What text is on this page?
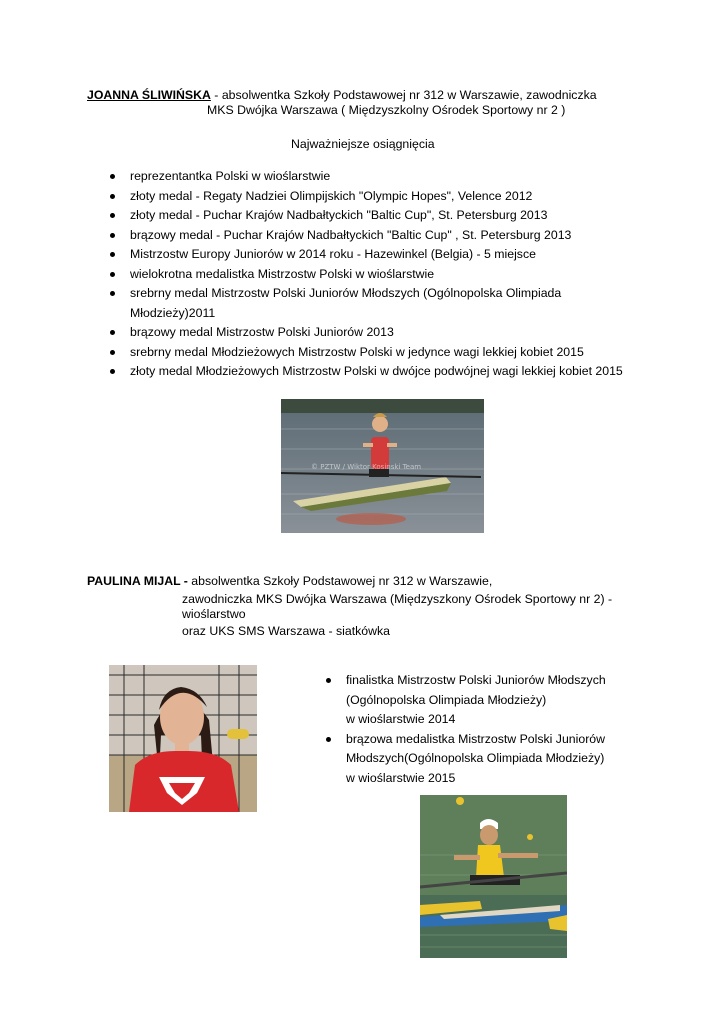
JOANNA ŚLIWIŃSKA - absolwentka Szkoły Podstawowej nr 312 w Warszawie, zawodniczka
MKS Dwójka Warszawa ( Międzyszkolny Ośrodek Sportowy nr 2 )
Najważniejsze osiągnięcia
reprezentantka Polski w wioślarstwie
złoty medal - Regaty Nadziei Olimpijskich "Olympic Hopes", Velence 2012
złoty medal - Puchar Krajów Nadbałtyckich "Baltic Cup", St. Petersburg 2013
brązowy medal - Puchar Krajów Nadbałtyckich "Baltic Cup" , St. Petersburg 2013
Mistrzostw Europy Juniorów w 2014 roku - Hazewinkel (Belgia) - 5 miejsce
wielokrotna medalistka Mistrzostw Polski w wioślarstwie
srebrny medal Mistrzostw Polski Juniorów Młodszych (Ogólnopolska Olimpiada
Młodzieży)2011
brązowy medal Mistrzostw Polski Juniorów 2013
srebrny medal Młodzieżowych Mistrzostw Polski w jedynce wagi lekkiej kobiet 2015
złoty medal Młodzieżowych Mistrzostw Polski w dwójce podwójnej wagi lekkiej kobiet 2015
© PZTW / Wiktor Kosinski Team
PAULINA MIJAL - absolwentka Szkoły Podstawowej nr 312 w Warszawie,
zawodniczka MKS Dwójka Warszawa (Międzyszkony Ośrodek Sportowy nr 2) -
wioślarstwo
oraz UKS SMS Warszawa - siatkówka
finalistka Mistrzostw Polski Juniorów Młodszych
(Ogólnopolska Olimpiada Młodzieży)
w wioślarstwie 2014
brązowa medalistka Mistrzostw Polski Juniorów
Młodszych(Ogólnopolska Olimpiada Młodzieży)
w wioślarstwie 2015
